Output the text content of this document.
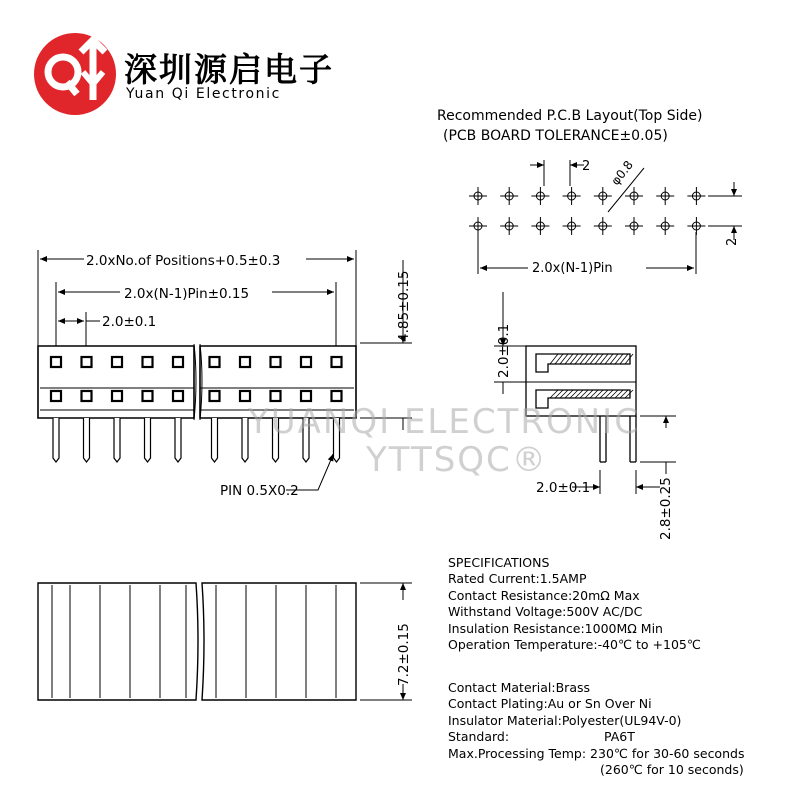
深圳源启电子
Yuan Qi Electronic
Recommended P.C.B Layout(Top Side)
(PCB BOARD TOLERANCE±0.05)
2 φ0.8
2
2.0x(N-1)Pin
2.0xNo.of Positions+0.5±0.3
2.0x(N-1)Pin±0.15
2.0±0.1	4.85±0.15
PIN 0.5X0.2
2.0±0.1
2.0±0.1	2.8±0.25
7.2±0.15
YUANQI ELECTRONIC
YTTSQC®
SPECIFICATIONS
Rated Current:1.5AMP
Contact Resistance:20mΩ Max
Withstand Voltage:500V AC/DC
Insulation Resistance:1000MΩ Min
Operation Temperature:-40℃ to +105℃
Contact Material:Brass
Contact Plating:Au or Sn Over Ni
Insulator Material:Polyester(UL94V-0)
Standard:	PA6T
Max.Processing Temp: 230℃ for 30-60 seconds
(260℃ for 10 seconds)
